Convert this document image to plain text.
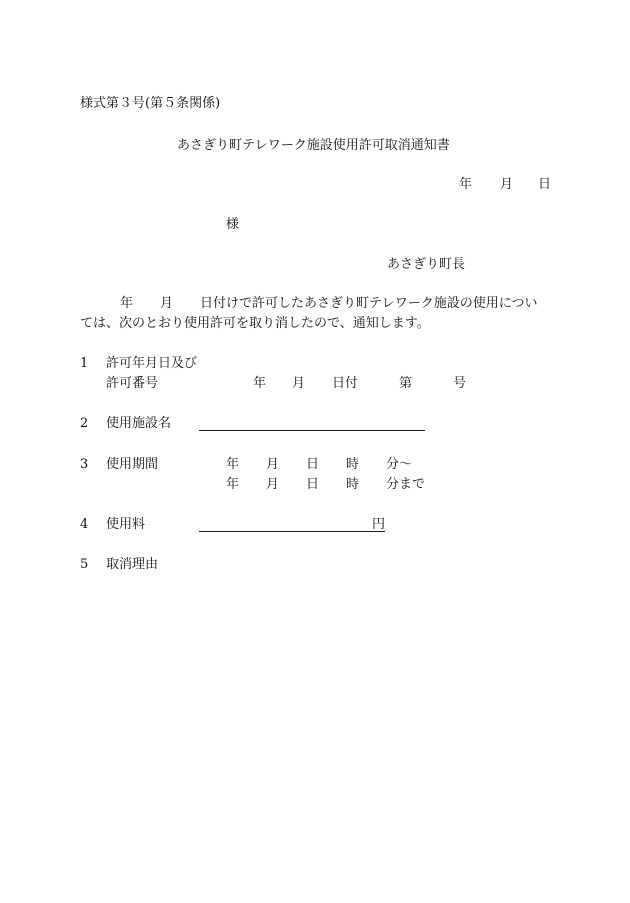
様式第３号(第５条関係)
あさぎり町テレワーク施設使用許可取消通知書
年 月 日
様
あさぎり町長
年 月 日付けで許可したあさぎり町テレワーク施設の使用につい
ては、次のとおり使用許可を取り消したので、通知します。
1 許可年月日及び
許可番号	年 月 日付	第	号
2 使用施設名
3 使用期間	年 月 日 時 分～
年 月 日 時 分まで
4 使用料	円
5 取消理由
